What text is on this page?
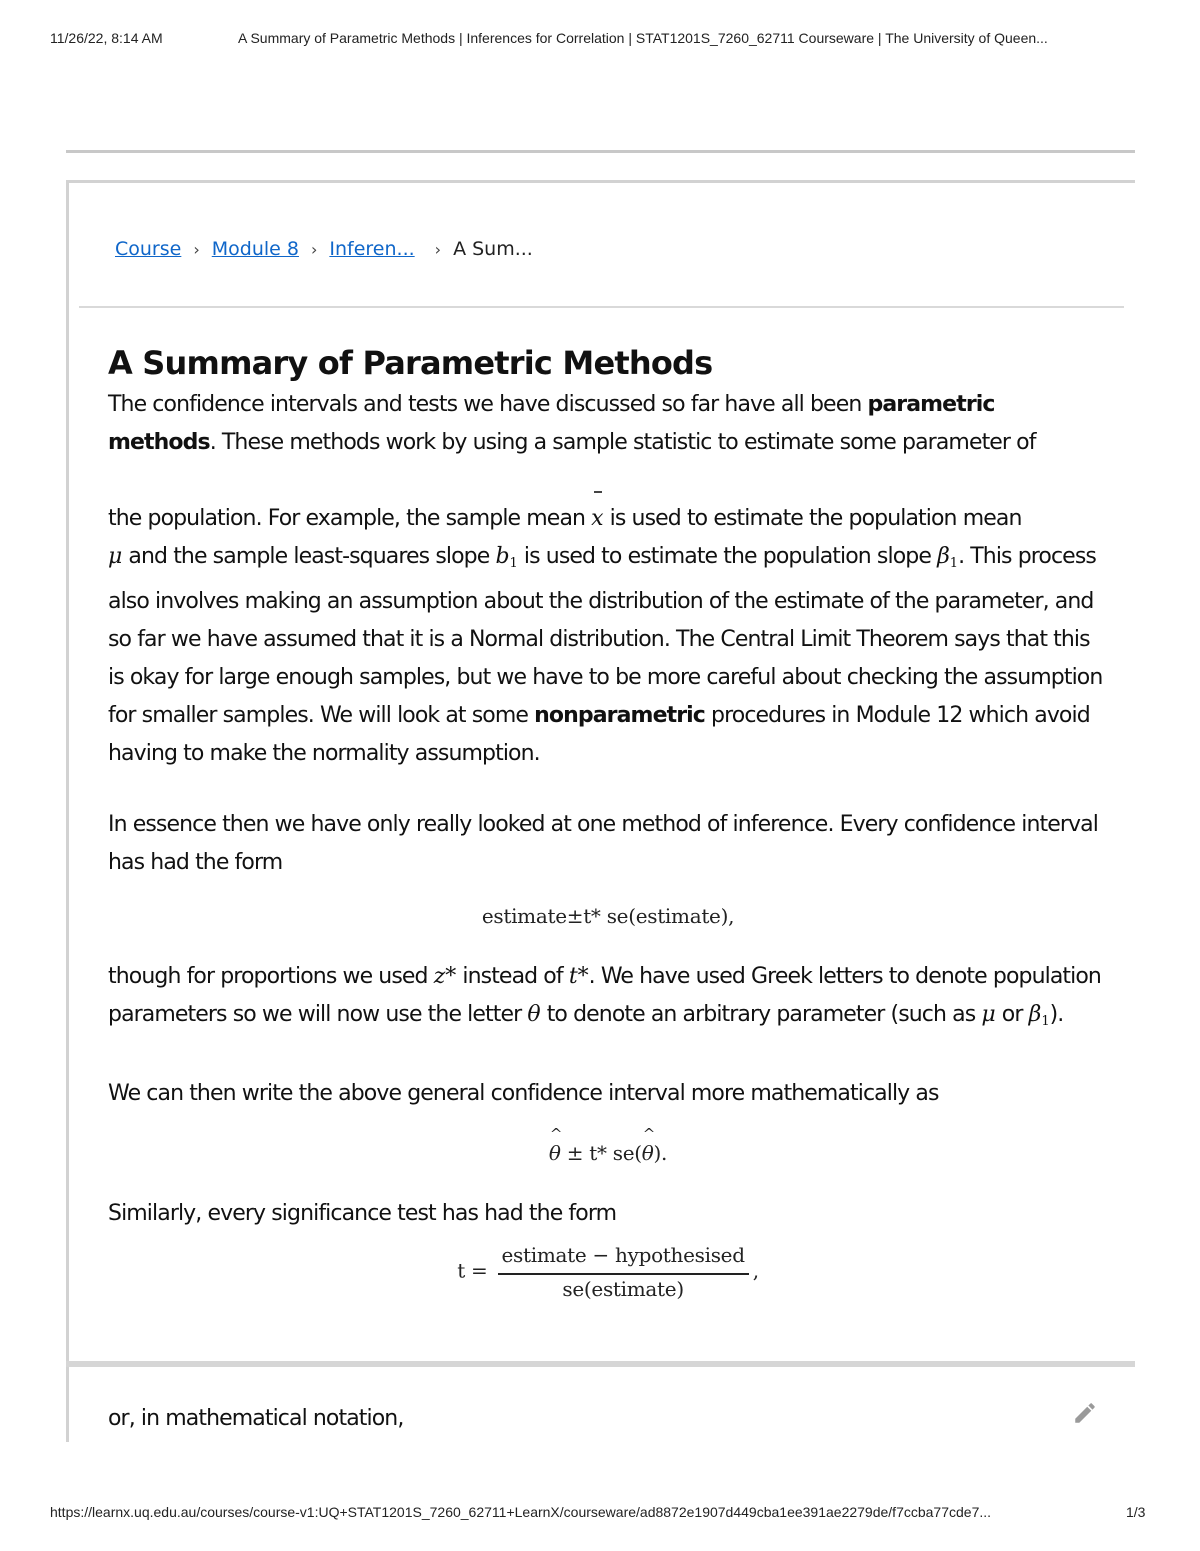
11/26/22, 8:14 AM	A Summary of Parametric Methods | Inferences for Correlation | STAT1201S_7260_62711 Courseware | The University of Queen...
Course › Module 8 › Inferen... › A Sum...
A Summary of Parametric Methods

The confidence intervals and tests we have discussed so far have all been parametric methods. These methods work by using a sample statistic to estimate some parameter of

the population. For example, the sample mean x is used to estimate the population mean
μ and the sample least-squares slope $b_1$ is used to estimate the population slope $\beta_1$. This process also involves making an assumption about the distribution of the estimate of the parameter, and so far we have assumed that it is a Normal distribution. The Central Limit Theorem says that this is okay for large enough samples, but we have to be more careful about checking the assumption for smaller samples. We will look at some nonparametric procedures in Module 12 which avoid having to make the normality assumption.

In essence then we have only really looked at one method of inference. Every confidence interval has had the form

estimate±t* se(estimate),

though for proportions we used z* instead of t*. We have used Greek letters to denote population parameters so we will now use the letter θ to denote an arbitrary parameter (such as μ or $\beta_1$).

We can then write the above general confidence interval more mathematically as

^ θ ± t* se(^ θ).

Similarly, every significance test has had the form

$t = \frac{\text{estimate − hypothesised}}{\text{se(estimate)}}$ ,

or, in mathematical notation,

https://learnx.uq.edu.au/courses/course-v1:UQ+STAT1201S_7260_62711+LearnX/courseware/ad8872e1907d449cba1ee391ae2279de/f7ccba77cde7...	1/3
